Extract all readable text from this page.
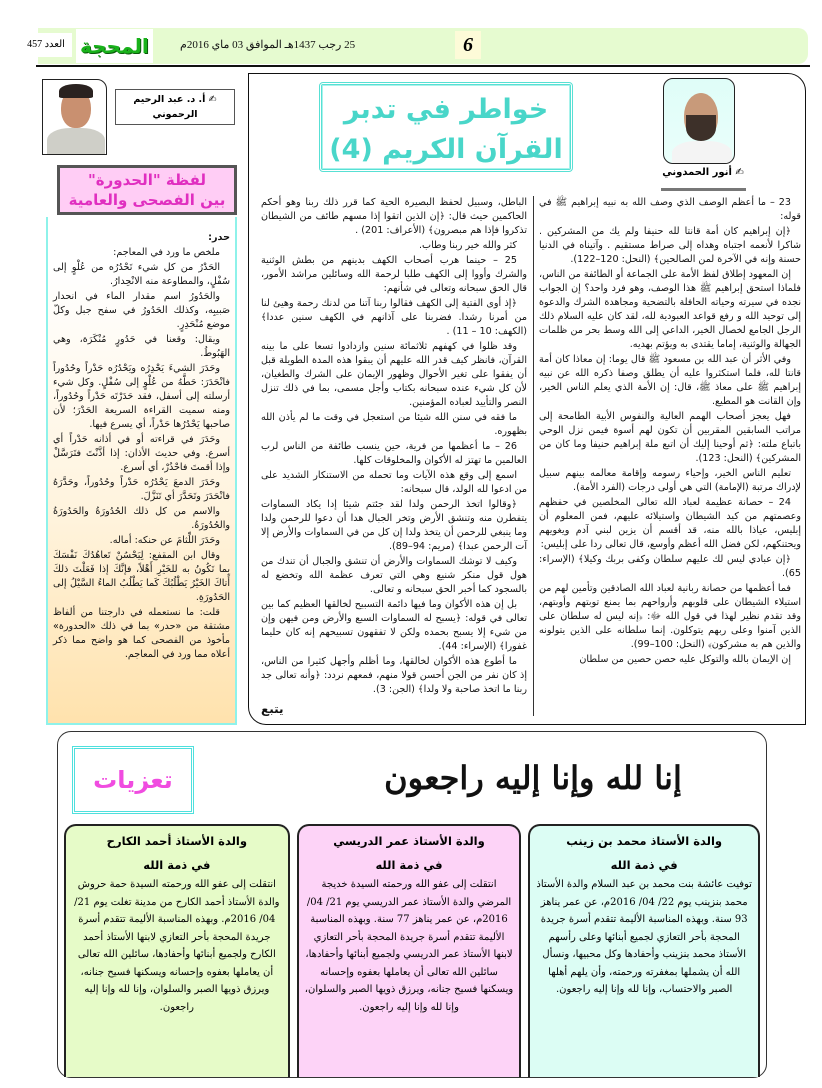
6
25 رجب 1437هـ الموافق 03 ماي 2016م
العدد 457 المحجة
خواطر في تدبر
القرآن الكريم (4)
✍ أنور الحمدوني

23 – ما أعظم الوصف الذي وصف الله به نبيه إبراهيم ﷺ في قوله:

﴿إن إبراهيم كان أمة قانتا لله حنيفا ولم يك من المشركين . شاكرا لأنعمه اجتباه وهداه إلى صراط مستقيم . وآتيناه في الدنيا حسنة وإنه في الآخرة لمن الصالحين﴾ (النحل: 120–122).

إن المعهود إطلاق لفظ الأمة على الجماعة أو الطائفة من الناس، فلماذا استحق إبراهيم ﷺ هذا الوصف، وهو فرد واحد؟ إن الجواب نجده في سيرته وحياته الحافلة بالتضحية ومجاهدة الشرك والدعوة إلى توحيد الله و رفع قواعد العبودية لله، لقد كان عليه السلام ذلك الرجل الجامع لخصال الخير، الداعي إلى الله وسط بحر من ظلمات الجهالة والوثنية، إماما يقتدى به ويؤتم بهديه.

وفي الأثر أن عبد الله بن مسعود ﷺ قال يوما: إن معاذا كان أمة قانتا لله، فلما استكثروا عليه أن يطلق وصفا ذكره الله عن نبيه إبراهيم ﷺ على معاذ ﷺ، قال: إن الأمة الذي يعلم الناس الخير، وإن القانت هو المطيع.

فهل يعجز أصحاب الهمم العالية والنفوس الأبية الطامحة إلى مراتب السابقين المقربين أن تكون لهم أسوة فيمن نزل الوحي باتباع ملته: ﴿ثم أوحينا إليك أن اتبع ملة إبراهيم حنيفا وما كان من المشركين﴾ (النحل: 123).

تعليم الناس الخير، وإحياء رسومه وإقامة معالمه بينهم سبيل لإدراك مرتبة (الإمامة) التي هي أولى درجات (الفرد الأمة).

24 – حصانة عظيمة لعباد الله تعالى المخلصين في حفظهم وعصمتهم من كيد الشيطان واستيلائه عليهم، فمن المعلوم أن إبليس، عياذا بالله منه، قد أقسم أن يزين لبني آدم ويغويهم ويحتنكهم، لكن فضل الله أعظم وأوسع، قال تعالى ردا على إبليس:

﴿إن عبادي ليس لك عليهم سلطان وكفى بربك وكيلا﴾ (الإسراء: 65).

فما أعظمها من حصانة ربانية لعباد الله الصادقين وتأمين لهم من استيلاء الشيطان على قلوبهم وأرواحهم بما يمنع توبتهم وأوبتهم، وقد تقدم نظير لهذا في قول الله ﷻ: ﴿إنه ليس له سلطان على الذين آمنوا وعلى ربهم يتوكلون. إنما سلطانه على الذين يتولونه والذين هم به مشركون﴾ (النحل: 100–99).

إن الإيمان بالله والتوكل عليه حصن حصين من سلطان

الباطل، وسبيل لحفظ البصيرة الحية كما قرر ذلك ربنا وهو أحكم الحاكمين حيث قال: ﴿إن الذين اتقوا إذا مسهم طائف من الشيطان تذكروا فإذا هم مبصرون﴾ (الأعراف: 201) .

كثر والله خير ربنا وطاب.

25 – حينما هرب أصحاب الكهف بدينهم من بطش الوثنية والشرك وأووا إلى الكهف طلبا لرحمة الله وسائلين مراشد الأمور، قال الحق سبحانه وتعالى في شأنهم:

﴿إذ أوى الفتية إلى الكهف فقالوا ربنا آتنا من لدنك رحمة وهيئ لنا من أمرنا رشدا. فضربنا على آذانهم في الكهف سنين عددا﴾ (الكهف: 10 – 11) .

وقد ظلوا في كهفهم ثلاثمائة سنين وازدادوا تسعا على ما بينه القرآن، فانظر كيف قدر الله عليهم أن يبقوا هذه المدة الطويلة قبل أن يفقوا على تغير الأحوال وظهور الإيمان على الشرك والطغيان، لأن كل شيء عنده سبحانه بكتاب وأجل مسمى، بما في ذلك تنزل النصر والتأييد لعباده المؤمنين.

ما فقه في سنن الله شيئا من استعجل في وقت ما لم يأذن الله بظهوره.

26 – ما أعظمها من فرية، حين ينسب طائفة من الناس لرب العالمين ما تهتز له الأكوان والمخلوقات كلها.

اسمع إلى وقع هذه الآيات وما تحمله من الاستنكار الشديد على من ادعوا لله الولد، قال سبحانه:

﴿وقالوا اتخذ الرحمن ولدا لقد جئتم شيئا إدا يكاد السماوات يتفطرن منه وتنشق الأرض وتخر الجبال هدا أن دعوا للرحمن ولدا وما ينبغي للرحمن أن يتخذ ولدا إن كل من في السماوات والأرض إلا آت الرحمن عبدا﴾ (مريم: 94–89).

وكيف لا توشك السماوات والأرض أن تنشق والجبال أن تندك من هول قول منكر شنيع وهي التي تعرف عظمة الله وتخضع له بالسجود كما أخبر الحق سبحانه و تعالى.

بل إن هذه الأكوان وما فيها دائمة التسبيح لخالقها العظيم كما بين تعالى في قوله: ﴿يسبح له السماوات السبع والأرض ومن فيهن وإن من شيء إلا يسبح بحمده ولكن لا تفقهون تسبيحهم إنه كان حليما غفورا﴾ (الإسراء: 44).

ما أطوع هذه الأكوان لخالقها، وما أظلم وأجهل كثيرا من الناس، إذ كان نفر من الجن أحسن قولا منهم، فمعهم نردد: ﴿وأنه تعالى جد ربنا ما اتخذ صاحبة ولا ولدا﴾ (الجن: 3).

يتبع
✍ أ. د. عبد الرحيم الرحموني
لفظة "الحدورة"
بين الفصحى والعامية

حدر:

ملخص ما ورد في المعاجم:

الحَدْرُ من كل شيء تَحْدُرُه من عُلْوٍ إلى سُفْلٍ، والمطاوعة منه الانْحِدارُ.

والحَدُورُ اسم مقدار الماء في انحدار صَبيبِه، وكذلك الحَدُورُ في سفح جبل وكلّ موضع مُنْحَدِرٍ.

ويقال: وقعنا في حَدُورٍ مُنْكَرَة، وهي الهَبُوطُ.

وحَدَرَ الشيءَ يَحْدِرُه ويَحْدُرُه حَدْراً وحُدُوراً فانْحَدَرَ: حَطَّهُ من عُلْوٍ إلى سُفْلٍ. وكل شيء أرسلته إلى أسفل، فقد حَدَرْتَه حَدْراً وحُدُوراً، ومنه سميت القراءة السريعة الحَدْرَ؛ لأن صاحبها يَحْدُرُها حَدْراً، أي يسرع فيها.

وحَدَرَ في قراءته أو في أذانه حَدْراً أي أسرع. وفي حديث الأذان: إذا أذَّنْتَ فتَرَسَّلْ وإذا أقمتَ فاحْذُرْ، أي أسرع.

وحَدَرَ الدمعَ يَحْدُرُه حَدْراً وحُدُوراً، وحَدَّرَهُ فانْحَدَرَ وتَحَدَّرَ أي تَنَزَّلَ.

والاسم من كل ذلك الحُدُورَةُ والحَدُورَةُ والحُدُورَةُ.

وحَدَرَ اللِّثامَ عن حنكه: أماله.

وقال ابن المقفع: لِيَحْسُنْ تَعاهُدُكَ نَفْسَكَ بِما تَكُونُ به للخَيْرِ أَهْلاً، فإنَّكَ إذا فَعَلْتَ ذلكَ أَتاكَ الخَيْرُ يَطْلُبُكَ كَما يَطْلُبُ الماءُ السَّيْلُ إلى الحَدُورَةِ.

قلت: ما نستعمله في دارجتنا من ألفاظ مشتقة من «حدر» بما في ذلك «الحدورة» مأخوذ من الفصحى كما هو واضح مما ذكر أعلاه مما ورد في المعاجم.

إنا لله وإنا إليه راجعون
تعزيات
والدة الأستاذ محمد بن زينب
في ذمة الله

توفيت عائشة بنت محمد بن عبد السلام والدة الأستاذ محمد بنزينب يوم 22/ 04/ 2016م، عن عمر يناهز 93 سنة. وبهذه المناسبة الأليمة تتقدم أسرة جريدة المحجة بأحر التعازي لجميع أبنائها وعلى رأسهم الأستاذ محمد بنزينب وأحفادها وكل محبيها، ونسأل الله أن يشملها بمغفرته ورحمته، وأن يلهم أهلها الصبر والاحتساب، وإنا لله وإنا إليه راجعون.

والدة الأستاذ عمر الدريسي
في ذمة الله

انتقلت إلى عفو الله ورحمته السيدة خديجة المرضي والدة الأستاذ عمر الدريسي يوم 21/ 04/ 2016م، عن عمر يناهز 77 سنة. وبهذه المناسبة الأليمة تتقدم أسرة جريدة المحجة بأحر التعازي لابنها الأستاذ عمر الدريسي ولجميع أبنائها وأحفادها، سائلين الله تعالى أن يعاملها بعفوه وإحسانه ويسكنها فسيح جنانه، ويرزق ذويها الصبر والسلوان، وإنا لله وإنا إليه راجعون.

والدة الأستاذ أحمد الكارح
في ذمة الله

انتقلت إلى عفو الله ورحمته السيدة حمة حروش والدة الأستاذ أحمد الكارح من مدينة تغلت يوم 21/ 04/ 2016م. وبهذه المناسبة الأليمة تتقدم أسرة جريدة المحجة بأحر التعازي لابنها الأستاذ أحمد الكارح ولجميع أبنائها وأحفادها، سائلين الله تعالى أن يعاملها بعفوه وإحسانه ويسكنها فسيح جنانه، ويرزق ذويها الصبر والسلوان، وإنا لله وإنا إليه راجعون.
